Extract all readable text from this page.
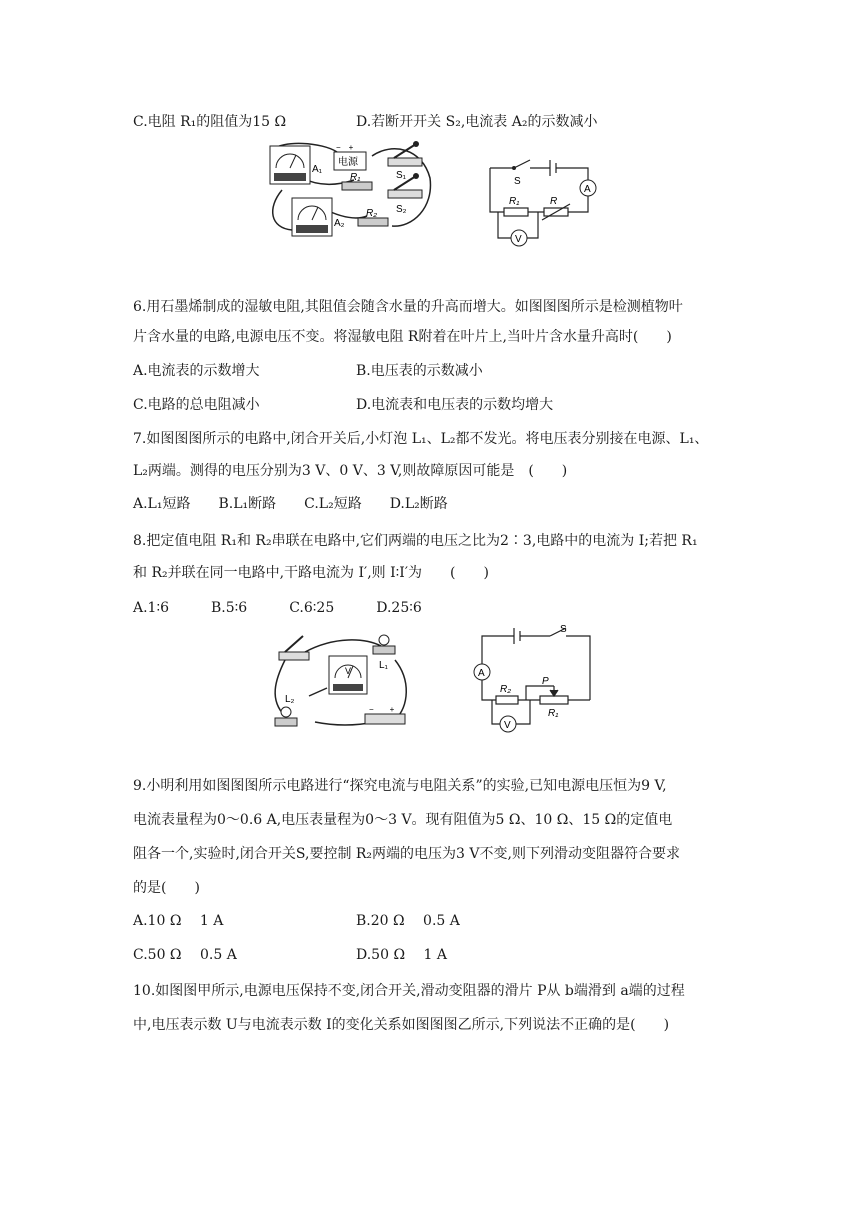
C.电阻 R₁的阻值为15 Ω	D.若断开开关 S₂,电流表 A₂的示数减小
A₁
电源
−　+
S₁
R₁
S₂
A₂
R₂
S
A
R₁	R
V
6.用石墨烯制成的湿敏电阻,其阻值会随含水量的升高而增大。如图图图所示是检测植物叶
片含水量的电路,电源电压不变。将湿敏电阻 R附着在叶片上,当叶片含水量升高时(　　)
A.电流表的示数增大	B.电压表的示数减小
C.电路的总电阻减小	D.电流表和电压表的示数均增大
7.如图图图所示的电路中,闭合开关后,小灯泡 L₁、L₂都不发光。将电压表分别接在电源、L₁、
L₂两端。测得的电压分别为3 V、0 V、3 V,则故障原因可能是　(　　)
A.L₁短路　　B.L₁断路　　C.L₂短路　　D.L₂断路
8.把定值电阻 R₁和 R₂串联在电路中,它们两端的电压之比为2∶3,电路中的电流为 I;若把 R₁
和 R₂并联在同一电路中,干路电流为 I′,则 I∶I′为　　(　　)
A.1∶6　　　B.5∶6　　　C.6∶25　　　D.25∶6
V	L₁
L₂
−　　+
S
A
R₂
P
R₁
V
9.小明利用如图图图所示电路进行“探究电流与电阻关系”的实验,已知电源电压恒为9 V,
电流表量程为0～0.6 A,电压表量程为0～3 V。现有阻值为5 Ω、10 Ω、15 Ω的定值电
阻各一个,实验时,闭合开关S,要控制 R₂两端的电压为3 V不变,则下列滑动变阻器符合要求
的是(　　)
A.10 Ω　 1 A	B.20 Ω　 0.5 A
C.50 Ω　 0.5 A	D.50 Ω　 1 A
10.如图图甲所示,电源电压保持不变,闭合开关,滑动变阻器的滑片 P从 b端滑到 a端的过程
中,电压表示数 U与电流表示数 I的变化关系如图图图乙所示,下列说法不正确的是(　　)
